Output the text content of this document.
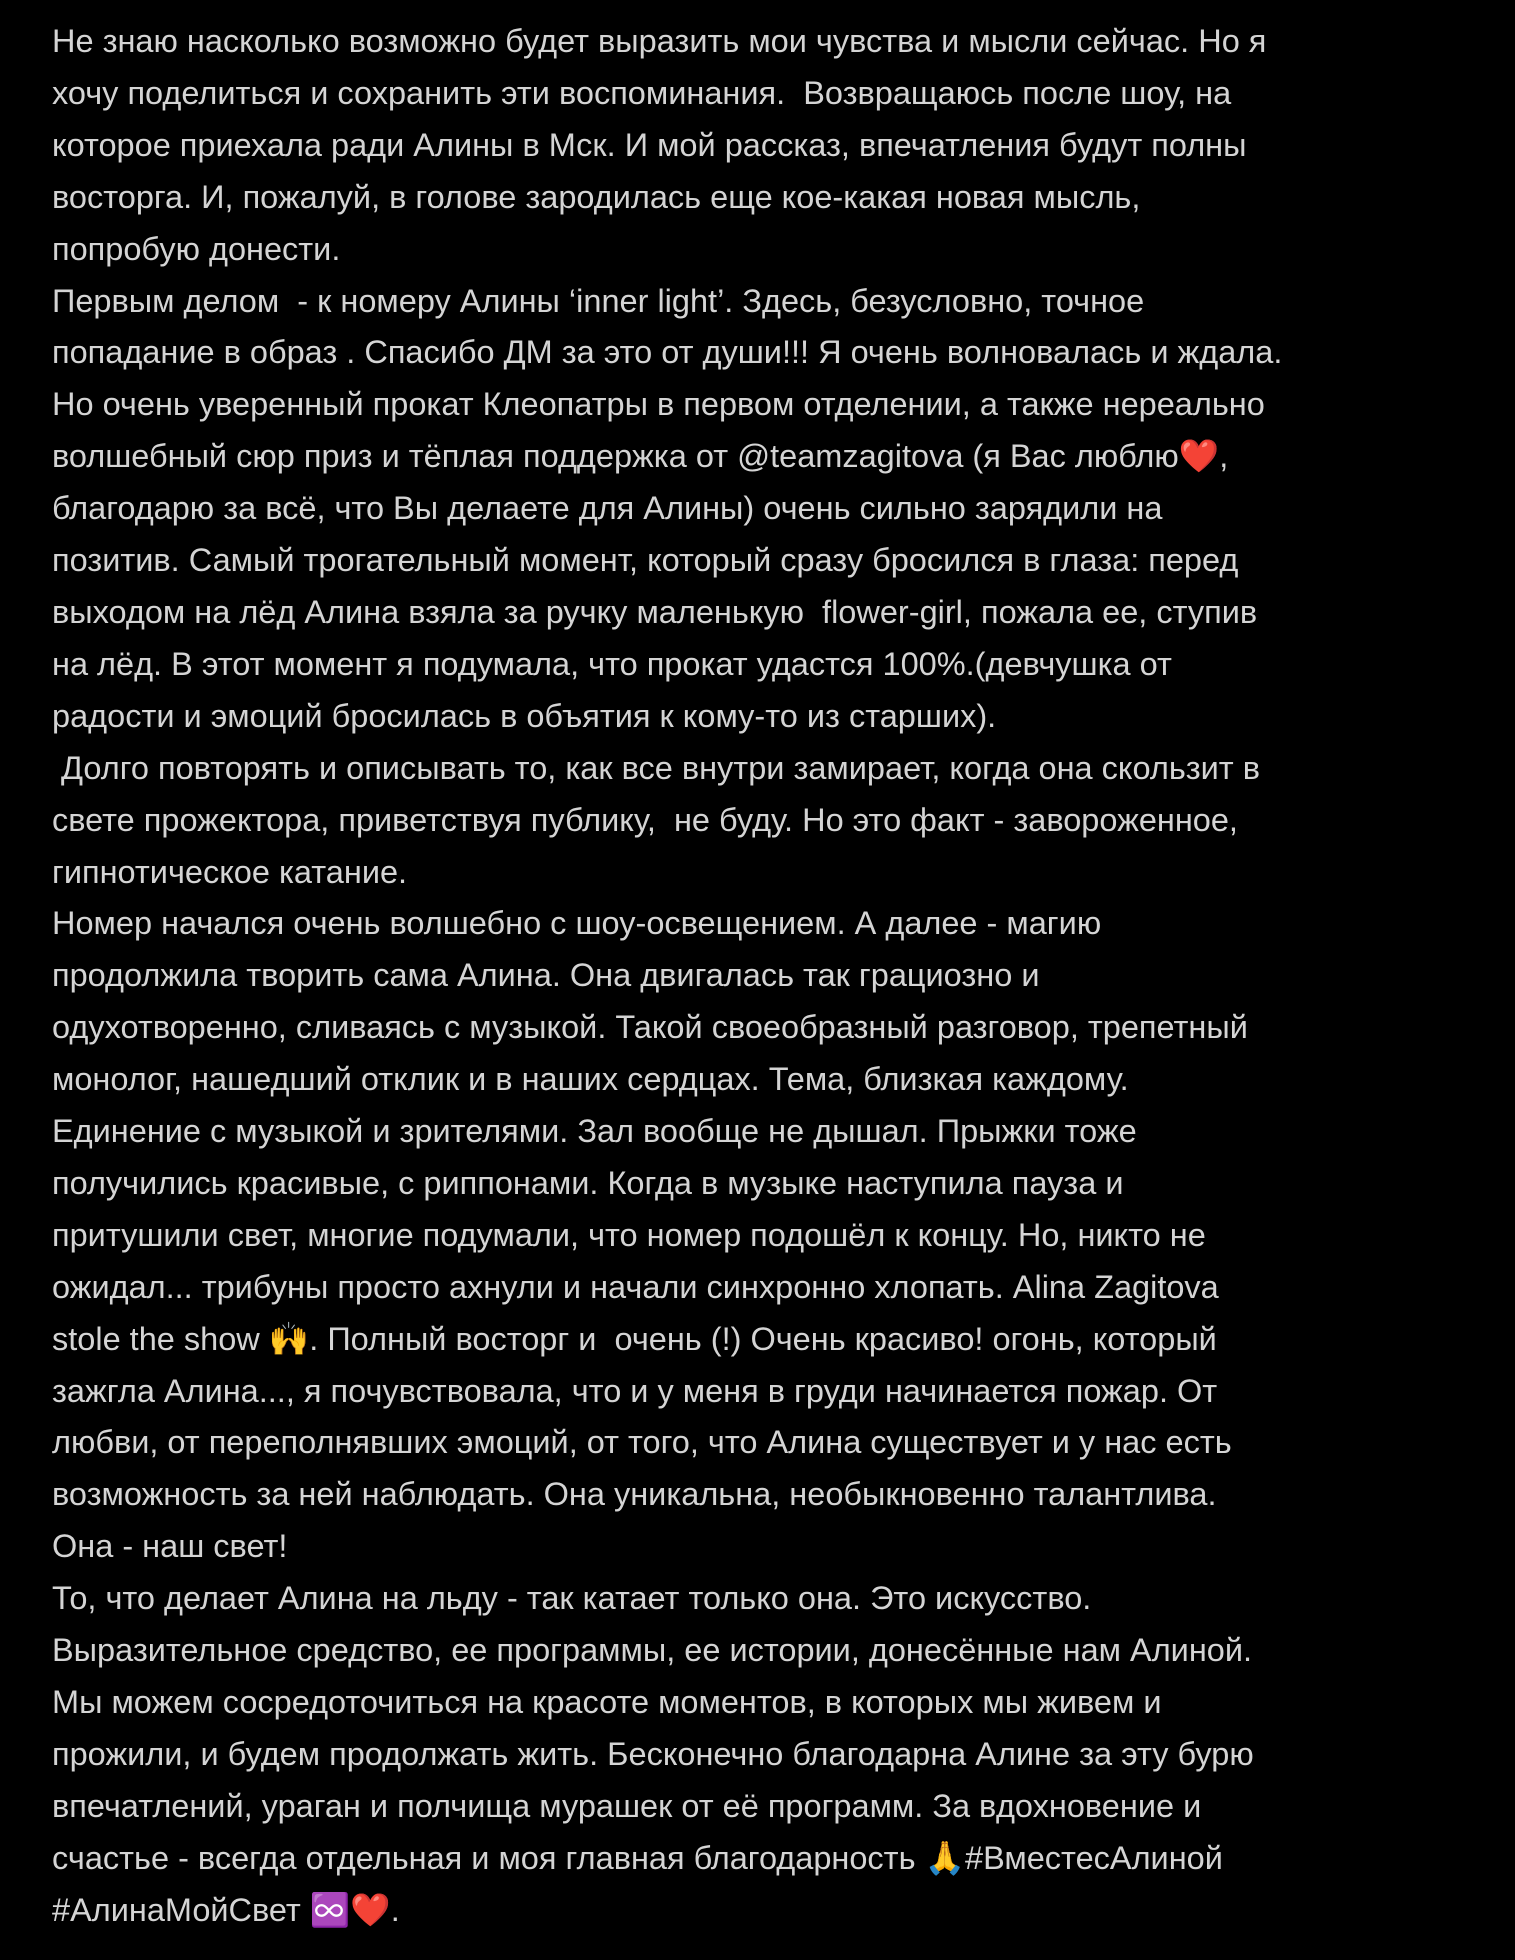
Не знаю насколько возможно будет выразить мои чувства и мысли сейчас. Но я
хочу поделиться и сохранить эти воспоминания.  Возвращаюсь после шоу, на
которое приехала ради Алины в Мск. И мой рассказ, впечатления будут полны
восторга. И, пожалуй, в голове зародилась еще кое-какая новая мысль,
попробую донести.
Первым делом  - к номеру Алины ‘inner light’. Здесь, безусловно, точное
попадание в образ . Спасибо ДМ за это от души!!! Я очень волновалась и ждала.
Но очень уверенный прокат Клеопатры в первом отделении, а также нереально
волшебный сюр приз и тёплая поддержка от @teamzagitova (я Вас люблю❤️,
благодарю за всё, что Вы делаете для Алины) очень сильно зарядили на
позитив. Самый трогательный момент, который сразу бросился в глаза: перед
выходом на лёд Алина взяла за ручку маленькую  flower-girl, пожала ее, ступив
на лёд. В этот момент я подумала, что прокат удастся 100%.(девчушка от
радости и эмоций бросилась в объятия к кому-то из старших).
Долго повторять и описывать то, как все внутри замирает, когда она скользит в
свете прожектора, приветствуя публику,  не буду. Но это факт - завороженное,
гипнотическое катание.
Номер начался очень волшебно с шоу-освещением. А далее - магию
продолжила творить сама Алина. Она двигалась так грациозно и
одухотворенно, сливаясь с музыкой. Такой своеобразный разговор, трепетный
монолог, нашедший отклик и в наших сердцах. Тема, близкая каждому.
Единение с музыкой и зрителями. Зал вообще не дышал. Прыжки тоже
получились красивые, с риппонами. Когда в музыке наступила пауза и
притушили свет, многие подумали, что номер подошёл к концу. Но, никто не
ожидал... трибуны просто ахнули и начали синхронно хлопать. Alina Zagitova
stole the show 🙌. Полный восторг и  очень (!) Очень красиво! огонь, который
зажгла Алина..., я почувствовала, что и у меня в груди начинается пожар. От
любви, от переполнявших эмоций, от того, что Алина существует и у нас есть
возможность за ней наблюдать. Она уникальна, необыкновенно талантлива.
Она - наш свет!
То, что делает Алина на льду - так катает только она. Это искусство.
Выразительное средство, ее программы, ее истории, донесённые нам Алиной.
Мы можем сосредоточиться на красоте моментов, в которых мы живем и
прожили, и будем продолжать жить. Бесконечно благодарна Алине за эту бурю
впечатлений, ураган и полчища мурашек от её программ. За вдохновение и
счастье - всегда отдельная и моя главная благодарность 🙏#ВместеcАлиной
#АлинаМойСвет ♾️❤️.
